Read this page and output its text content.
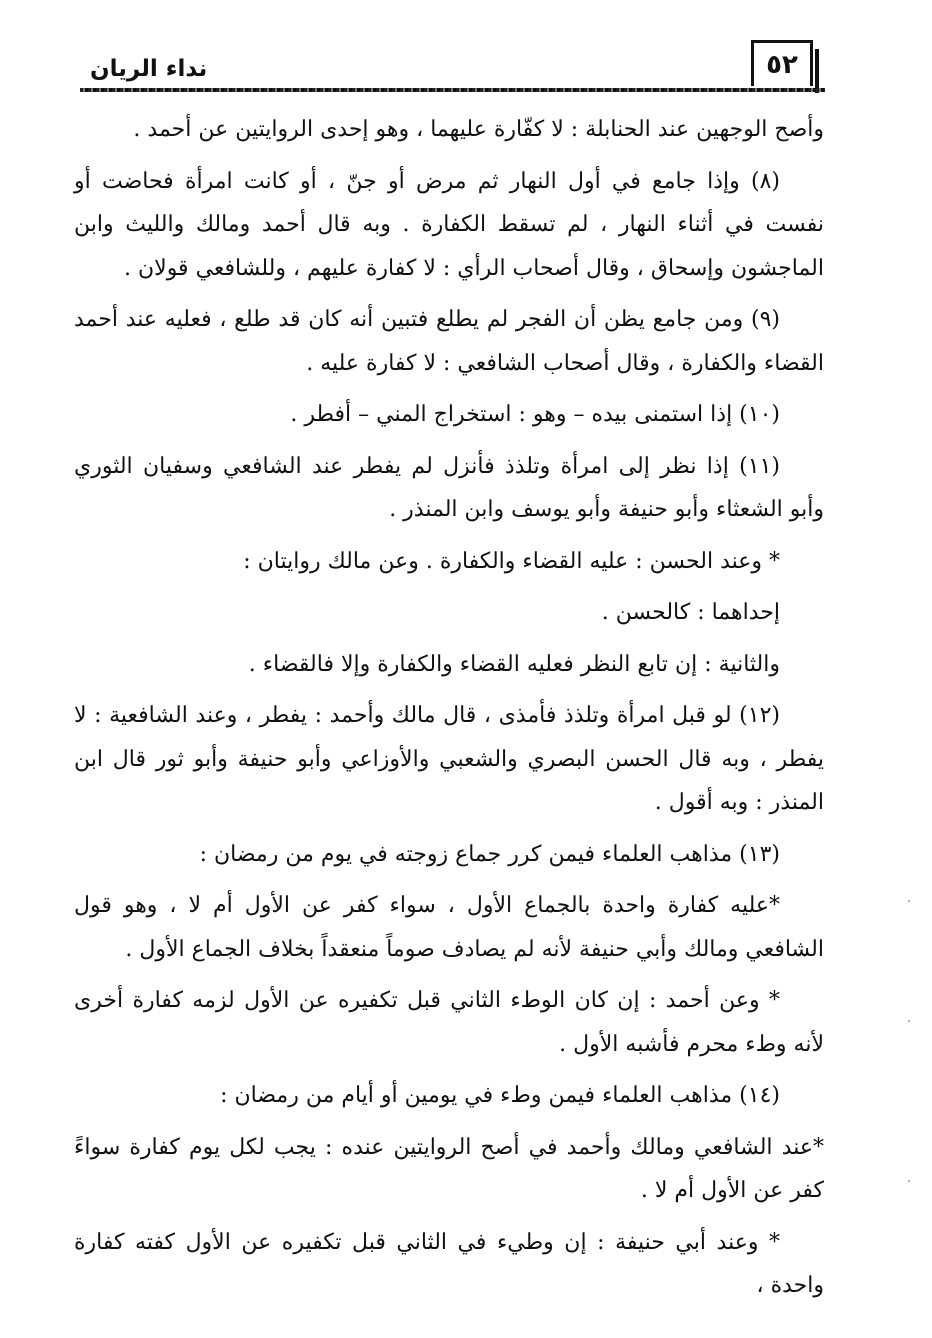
نداء الريان	٥٢

وأصح الوجهين عند الحنابلة : لا كفّارة عليهما ، وهو إحدى الروايتين عن أحمد .

(٨) وإذا جامع في أول النهار ثم مرض أو جنّ ، أو كانت امرأة فحاضت أو نفست في أثناء النهار ، لم تسقط الكفارة . وبه قال أحمد ومالك والليث وابن الماجشون وإسحاق ، وقال أصحاب الرأي : لا كفارة عليهم ، وللشافعي قولان .

(٩) ومن جامع يظن أن الفجر لم يطلع فتبين أنه كان قد طلع ، فعليه عند أحمد القضاء والكفارة ، وقال أصحاب الشافعي : لا كفارة عليه .

(١٠) إذا استمنى بيده – وهو : استخراج المني – أفطر .

(١١) إذا نظر إلى امرأة وتلذذ فأنزل لم يفطر عند الشافعي وسفيان الثوري وأبو الشعثاء وأبو حنيفة وأبو يوسف وابن المنذر .

* وعند الحسن : عليه القضاء والكفارة . وعن مالك روايتان :

إحداهما : كالحسن .

والثانية : إن تابع النظر فعليه القضاء والكفارة وإلا فالقضاء .

(١٢) لو قبل امرأة وتلذذ فأمذى ، قال مالك وأحمد : يفطر ، وعند الشافعية : لا يفطر ، وبه قال الحسن البصري والشعبي والأوزاعي وأبو حنيفة وأبو ثور قال ابن المنذر : وبه أقول .

(١٣) مذاهب العلماء فيمن كرر جماع زوجته في يوم من رمضان :

*عليه كفارة واحدة بالجماع الأول ، سواء كفر عن الأول أم لا ، وهو قول الشافعي ومالك وأبي حنيفة لأنه لم يصادف صوماً منعقداً بخلاف الجماع الأول .

* وعن أحمد : إن كان الوطء الثاني قبل تكفيره عن الأول لزمه كفارة أخرى لأنه وطء محرم فأشبه الأول .

(١٤) مذاهب العلماء فيمن وطء في يومين أو أيام من رمضان :

*عند الشافعي ومالك وأحمد في أصح الروايتين عنده : يجب لكل يوم كفارة سواءً كفر عن الأول أم لا .

* وعند أبي حنيفة : إن وطيء في الثاني قبل تكفيره عن الأول كفته كفارة واحدة ،
